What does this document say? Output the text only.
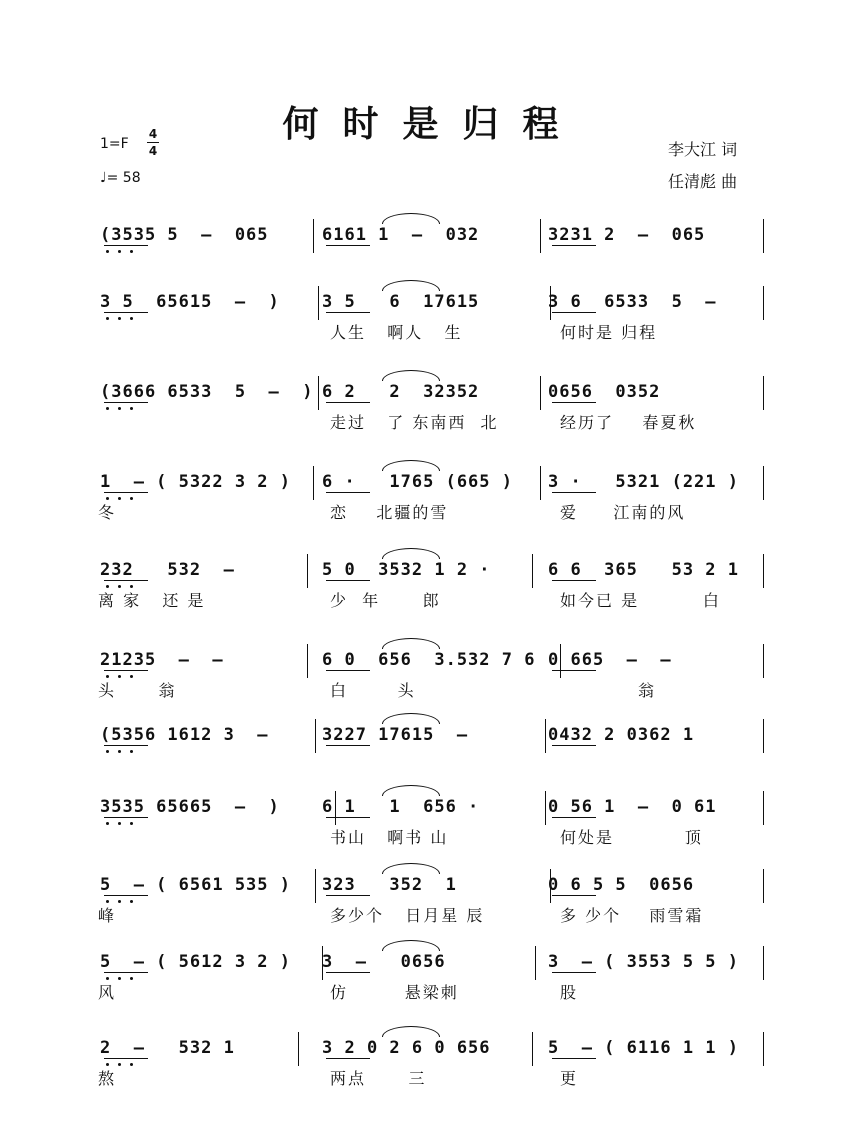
何时是归程
1=F
4
4
♩= 58
李大江 词
任清彪 曲
(3535 5  –  065	6161 1  –  032	3231 2  –  065
3 5  65615  –  ) 3 5   6  17615
人生   啊人   生
3 6  6533  5  –
何时是 归程
(3666 6533  5  –  ) 6 2   2  32352
走过   了 东南西  北
0656  0352
经历了    春夏秋
1  – ( 5322 3 2 )
冬
6 ·   1765 (665 )
恋    北疆的雪
3 ·   5321 (221 )
爱     江南的风
232   532  –
离 家   还 是
5 0  3532 1 2 ·
少  年      郎
6 6  365   53 2 1
如今已 是         白
21235  –  –
头      翁
6 0  656  3.532 7 6
白       头
0 665  –  –
翁
(5356 1612 3  –	3227 17615  –	0432 2 0362 1
3535 65665  –  ) 6 1   1  656 ·
书山   啊书 山
0 56 1  –  0 61
何处是          顶
5  – ( 6561 535 )
峰
323   352  1
多少个   日月星 辰
0 6 5 5  0656
多 少个    雨雪霜
5  – ( 5612 3 2 )
风
3  –   0656
仿        悬梁刺
3  – ( 3553 5 5 )
股
2  –   532 1
熬
3 2 0 2 6 0 656
两点      三
5  – ( 6116 1 1 )
更
